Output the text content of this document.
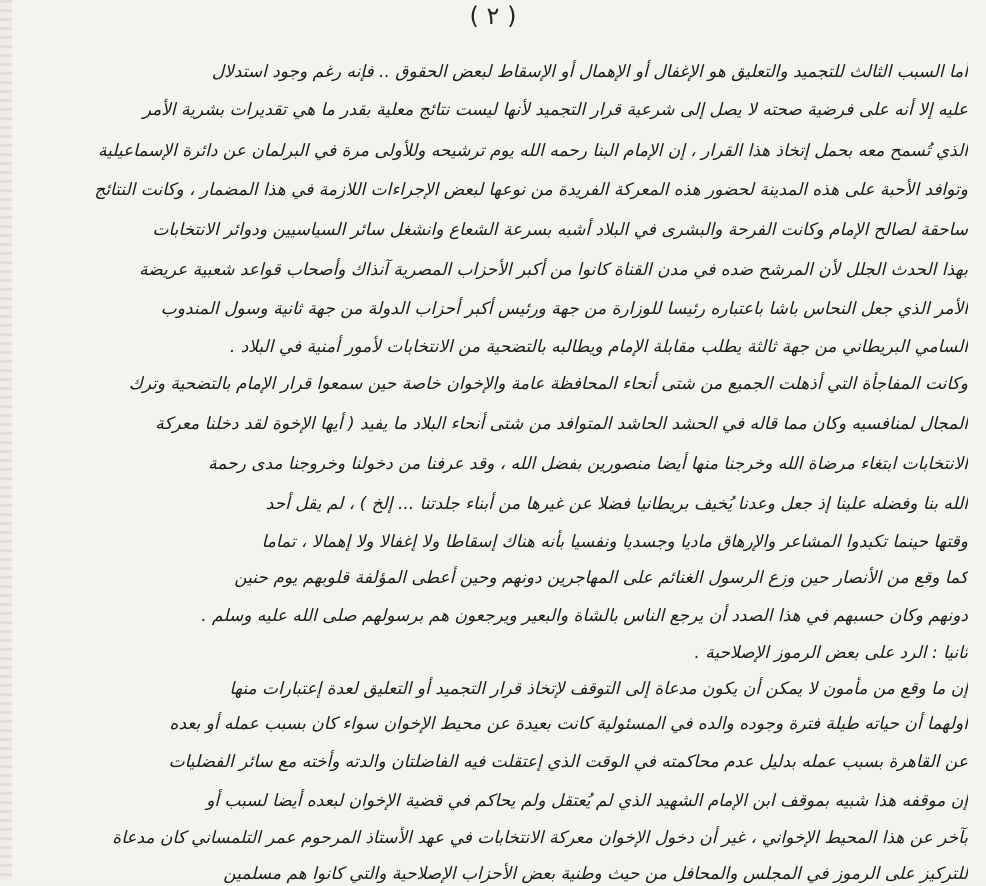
( ٢ )
أما السبب الثالث للتجميد والتعليق هو الإغفال أو الإهمال أو الإسقاط لبعض الحقوق .. فإنه رغم وجود استدلال
عليه إلا أنه على فرضية صحته لا يصل إلى شرعية قرار التجميد لأنها ليست نتائج معلية بقدر ما هي تقديرات بشرية الأمر
الذي تُسمح معه بحمل إتخاذ هذا القرار ، إن الإمام البنا رحمه الله يوم ترشيحه وللأولى مرة في البرلمان عن دائرة الإسماعيلية
وتوافد الأحبة على هذه المدينة لحضور هذه المعركة الفريدة من نوعها لبعض الإجراءات اللازمة في هذا المضمار ، وكانت النتائج
ساحقة لصالح الإمام وكانت الفرحة والبشرى في البلاد أشبه بسرعة الشعاع وانشغل سائر السياسيين ودوائر الانتخابات
بهذا الحدث الجلل لأن المرشح ضده في مدن القناة كانوا من أكبر الأحزاب المصرية آنذاك وأصحاب قواعد شعبية عريضة
الأمر الذي جعل النحاس باشا باعتباره رئيسا للوزارة من جهة ورئيس أكبر أحزاب الدولة من جهة ثانية وسول المندوب
السامي البريطاني من جهة ثالثة يطلب مقابلة الإمام ويطالبه بالتضحية من الانتخابات لأمور أمنية في البلاد .
وكانت المفاجأة التي أذهلت الجميع من شتى أنحاء المحافظة عامة والإخوان خاصة حين سمعوا قرار الإمام بالتضحية وترك
المجال لمنافسيه وكان مما قاله في الحشد الحاشد المتوافد من شتى أنحاء البلاد ما يفيد ( أيها الإخوة لقد دخلنا معركة
الانتخابات ابتغاء مرضاة الله وخرجنا منها أيضا منصورين بفضل الله ، وقد عرفنا من دخولنا وخروجنا مدى رحمة
الله بنا وفضله علينا إذ جعل وعدنا يُخيف بريطانيا فضلا عن غيرها من أبناء جلدتنا ... إلخ ) ، لم يقل أحد
وقتها حينما تكبدوا المشاعر والإرهاق ماديا وجسديا ونفسيا بأنه هناك إسقاطا ولا إغفالا ولا إهمالا ، تماما
كما وقع من الأنصار حين وزع الرسول الغنائم على المهاجرين دونهم وحين أعطى المؤلفة قلوبهم يوم حنين
دونهم وكان حسبهم في هذا الصدد أن يرجع الناس بالشاة والبعير ويرجعون هم برسولهم صلى الله عليه وسلم .
ثانيا : الرد على بعض الرموز الإصلاحية .
إن ما وقع من مأمون لا يمكن أن يكون مدعاة إلى التوقف لإتخاذ قرار التجميد أو التعليق لعدة إعتبارات منها
أولهما أن حياته طيلة فترة وجوده والده في المسئولية كانت بعيدة عن محيط الإخوان سواء كان بسبب عمله أو بعده
عن القاهرة بسبب عمله بدليل عدم محاكمته في الوقت الذي إعتقلت فيه الفاضلتان والدته وأخته مع سائر الفضليات
إن موقفه هذا شبيه بموقف ابن الإمام الشهيد الذي لم يُعتقل ولم يحاكم في قضية الإخوان لبعده أيضا لسبب أو
بآخر عن هذا المحيط الإخواني ، غير أن دخول الإخوان معركة الانتخابات في عهد الأستاذ المرحوم عمر التلمساني كان مدعاة
للتركيز على الرموز في المجلس والمحافل من حيث وطنية بعض الأحزاب الإصلاحية والتي كانوا هم مسلمين
